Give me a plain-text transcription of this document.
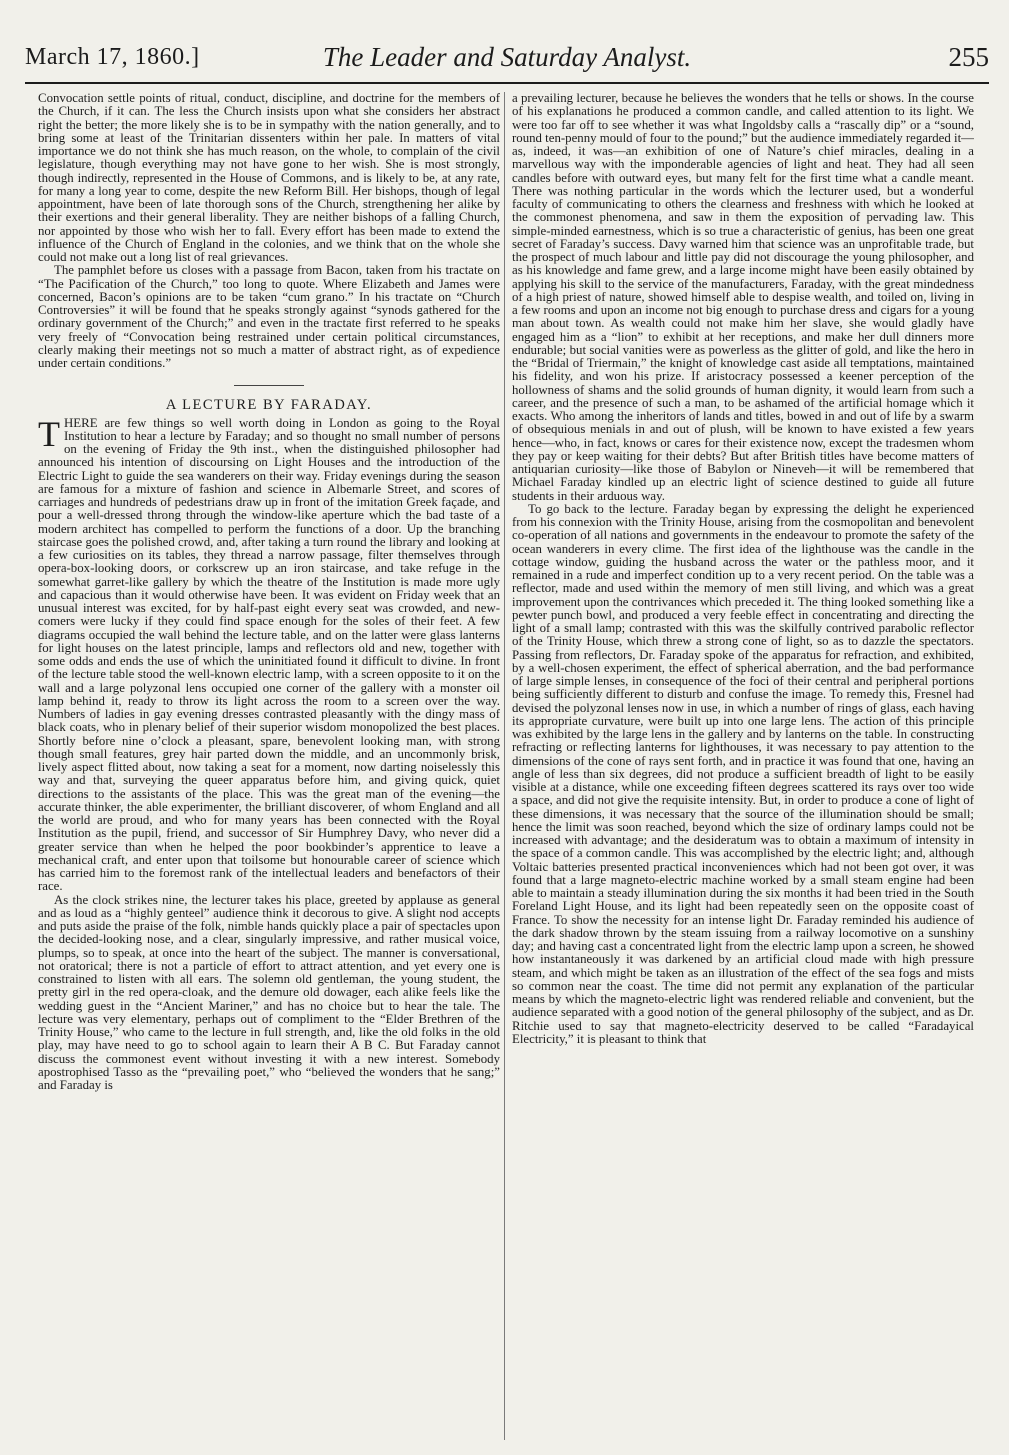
March 17, 1860.]	The Leader and Saturday Analyst.	255

Convocation settle points of ritual, conduct, discipline, and doctrine for the members of the Church, if it can. The less the Church insists upon what she considers her abstract right the better; the more likely she is to be in sympathy with the nation generally, and to bring some at least of the Trinitarian dissenters within her pale. In matters of vital importance we do not think she has much reason, on the whole, to complain of the civil legislature, though everything may not have gone to her wish. She is most strongly, though indirectly, represented in the House of Commons, and is likely to be, at any rate, for many a long year to come, despite the new Reform Bill. Her bishops, though of legal appointment, have been of late thorough sons of the Church, strengthening her alike by their exertions and their general liberality. They are neither bishops of a falling Church, nor appointed by those who wish her to fall. Every effort has been made to extend the influence of the Church of England in the colonies, and we think that on the whole she could not make out a long list of real grievances.

The pamphlet before us closes with a passage from Bacon, taken from his tractate on “The Pacification of the Church,” too long to quote. Where Elizabeth and James were concerned, Bacon’s opinions are to be taken “cum grano.” In his tractate on “Church Controversies” it will be found that he speaks strongly against “synods gathered for the ordinary government of the Church;” and even in the tractate first referred to he speaks very freely of “Convocation being restrained under certain political circumstances, clearly making their meetings not so much a matter of abstract right, as of expedience under certain conditions.”

A LECTURE BY FARADAY.

THERE are few things so well worth doing in London as going to the Royal Institution to hear a lecture by Faraday; and so thought no small number of persons on the evening of Friday the 9th inst., when the distinguished philosopher had announced his intention of discoursing on Light Houses and the introduction of the Electric Light to guide the sea wanderers on their way. Friday evenings during the season are famous for a mixture of fashion and science in Albemarle Street, and scores of carriages and hundreds of pedestrians draw up in front of the imitation Greek façade, and pour a well-dressed throng through the window-like aperture which the bad taste of a modern architect has compelled to perform the functions of a door. Up the branching staircase goes the polished crowd, and, after taking a turn round the library and looking at a few curiosities on its tables, they thread a narrow passage, filter themselves through opera-box-looking doors, or corkscrew up an iron staircase, and take refuge in the somewhat garret-like gallery by which the theatre of the Institution is made more ugly and capacious than it would otherwise have been. It was evident on Friday week that an unusual interest was excited, for by half-past eight every seat was crowded, and new-comers were lucky if they could find space enough for the soles of their feet. A few diagrams occupied the wall behind the lecture table, and on the latter were glass lanterns for light houses on the latest principle, lamps and reflectors old and new, together with some odds and ends the use of which the uninitiated found it difficult to divine. In front of the lecture table stood the well-known electric lamp, with a screen opposite to it on the wall and a large polyzonal lens occupied one corner of the gallery with a monster oil lamp behind it, ready to throw its light across the room to a screen over the way. Numbers of ladies in gay evening dresses contrasted pleasantly with the dingy mass of black coats, who in plenary belief of their superior wisdom monopolized the best places. Shortly before nine o’clock a pleasant, spare, benevolent looking man, with strong though small features, grey hair parted down the middle, and an uncommonly brisk, lively aspect flitted about, now taking a seat for a moment, now darting noiselessly this way and that, surveying the queer apparatus before him, and giving quick, quiet directions to the assistants of the place. This was the great man of the evening—the accurate thinker, the able experimenter, the brilliant discoverer, of whom England and all the world are proud, and who for many years has been connected with the Royal Institution as the pupil, friend, and successor of Sir Humphrey Davy, who never did a greater service than when he helped the poor bookbinder’s apprentice to leave a mechanical craft, and enter upon that toilsome but honourable career of science which has carried him to the foremost rank of the intellectual leaders and benefactors of their race.

As the clock strikes nine, the lecturer takes his place, greeted by applause as general and as loud as a “highly genteel” audience think it decorous to give. A slight nod accepts and puts aside the praise of the folk, nimble hands quickly place a pair of spectacles upon the decided-looking nose, and a clear, singularly impressive, and rather musical voice, plumps, so to speak, at once into the heart of the subject. The manner is conversational, not oratorical; there is not a particle of effort to attract attention, and yet every one is constrained to listen with all ears. The solemn old gentleman, the young student, the pretty girl in the red opera-cloak, and the demure old dowager, each alike feels like the wedding guest in the “Ancient Mariner,” and has no choice but to hear the tale. The lecture was very elementary, perhaps out of compliment to the “Elder Brethren of the Trinity House,” who came to the lecture in full strength, and, like the old folks in the old play, may have need to go to school again to learn their A B C. But Faraday cannot discuss the commonest event without investing it with a new interest. Somebody apostrophised Tasso as the “prevailing poet,” who “believed the wonders that he sang;” and Faraday is

a prevailing lecturer, because he believes the wonders that he tells or shows. In the course of his explanations he produced a common candle, and called attention to its light. We were too far off to see whether it was what Ingoldsby calls a “rascally dip” or a “sound, round ten-penny mould of four to the pound;” but the audience immediately regarded it—as, indeed, it was—an exhibition of one of Nature’s chief miracles, dealing in a marvellous way with the imponderable agencies of light and heat. They had all seen candles before with outward eyes, but many felt for the first time what a candle meant. There was nothing particular in the words which the lecturer used, but a wonderful faculty of communicating to others the clearness and freshness with which he looked at the commonest phenomena, and saw in them the exposition of pervading law. This simple-minded earnestness, which is so true a characteristic of genius, has been one great secret of Faraday’s success. Davy warned him that science was an unprofitable trade, but the prospect of much labour and little pay did not discourage the young philosopher, and as his knowledge and fame grew, and a large income might have been easily obtained by applying his skill to the service of the manufacturers, Faraday, with the great mindedness of a high priest of nature, showed himself able to despise wealth, and toiled on, living in a few rooms and upon an income not big enough to purchase dress and cigars for a young man about town. As wealth could not make him her slave, she would gladly have engaged him as a “lion” to exhibit at her receptions, and make her dull dinners more endurable; but social vanities were as powerless as the glitter of gold, and like the hero in the “Bridal of Triermain,” the knight of knowledge cast aside all temptations, maintained his fidelity, and won his prize. If aristocracy possessed a keener perception of the hollowness of shams and the solid grounds of human dignity, it would learn from such a career, and the presence of such a man, to be ashamed of the artificial homage which it exacts. Who among the inheritors of lands and titles, bowed in and out of life by a swarm of obsequious menials in and out of plush, will be known to have existed a few years hence—who, in fact, knows or cares for their existence now, except the tradesmen whom they pay or keep waiting for their debts? But after British titles have become matters of antiquarian curiosity—like those of Babylon or Nineveh—it will be remembered that Michael Faraday kindled up an electric light of science destined to guide all future students in their arduous way.

To go back to the lecture. Faraday began by expressing the delight he experienced from his connexion with the Trinity House, arising from the cosmopolitan and benevolent co-operation of all nations and governments in the endeavour to promote the safety of the ocean wanderers in every clime. The first idea of the lighthouse was the candle in the cottage window, guiding the husband across the water or the pathless moor, and it remained in a rude and imperfect condition up to a very recent period. On the table was a reflector, made and used within the memory of men still living, and which was a great improvement upon the contrivances which preceded it. The thing looked something like a pewter punch bowl, and produced a very feeble effect in concentrating and directing the light of a small lamp; contrasted with this was the skilfully contrived parabolic reflector of the Trinity House, which threw a strong cone of light, so as to dazzle the spectators. Passing from reflectors, Dr. Faraday spoke of the apparatus for refraction, and exhibited, by a well-chosen experiment, the effect of spherical aberration, and the bad performance of large simple lenses, in consequence of the foci of their central and peripheral portions being sufficiently different to disturb and confuse the image. To remedy this, Fresnel had devised the polyzonal lenses now in use, in which a number of rings of glass, each having its appropriate curvature, were built up into one large lens. The action of this principle was exhibited by the large lens in the gallery and by lanterns on the table. In constructing refracting or reflecting lanterns for lighthouses, it was necessary to pay attention to the dimensions of the cone of rays sent forth, and in practice it was found that one, having an angle of less than six degrees, did not produce a sufficient breadth of light to be easily visible at a distance, while one exceeding fifteen degrees scattered its rays over too wide a space, and did not give the requisite intensity. But, in order to produce a cone of light of these dimensions, it was necessary that the source of the illumination should be small; hence the limit was soon reached, beyond which the size of ordinary lamps could not be increased with advantage; and the desideratum was to obtain a maximum of intensity in the space of a common candle. This was accomplished by the electric light; and, although Voltaic batteries presented practical inconveniences which had not been got over, it was found that a large magneto-electric machine worked by a small steam engine had been able to maintain a steady illumination during the six months it had been tried in the South Foreland Light House, and its light had been repeatedly seen on the opposite coast of France. To show the necessity for an intense light Dr. Faraday reminded his audience of the dark shadow thrown by the steam issuing from a railway locomotive on a sunshiny day; and having cast a concentrated light from the electric lamp upon a screen, he showed how instantaneously it was darkened by an artificial cloud made with high pressure steam, and which might be taken as an illustration of the effect of the sea fogs and mists so common near the coast. The time did not permit any explanation of the particular means by which the magneto-electric light was rendered reliable and convenient, but the audience separated with a good notion of the general philosophy of the subject, and as Dr. Ritchie used to say that magneto-electricity deserved to be called “Faradayical Electricity,” it is pleasant to think that
